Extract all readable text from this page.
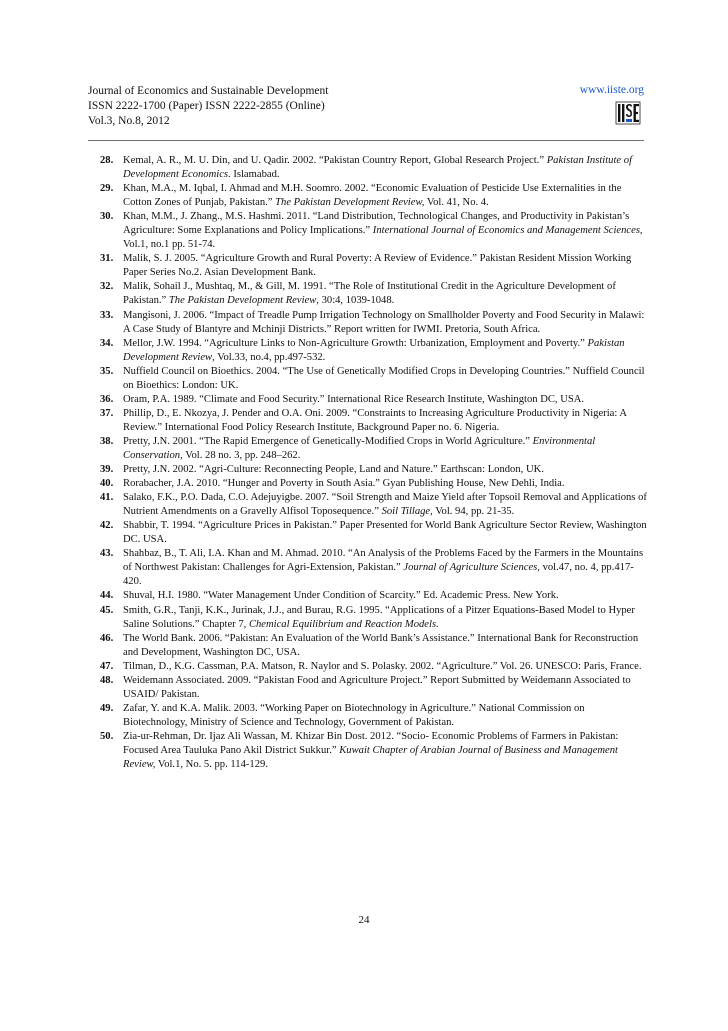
Journal of Economics and Sustainable Development
ISSN 2222-1700 (Paper) ISSN 2222-2855 (Online)
Vol.3, No.8, 2012
www.iiste.org
28. Kemal, A. R., M. U. Din, and U. Qadir. 2002. “Pakistan Country Report, Global Research Project.” Pakistan Institute of Development Economics. Islamabad.
29. Khan, M.A., M. Iqbal, I. Ahmad and M.H. Soomro. 2002. “Economic Evaluation of Pesticide Use Externalities in the Cotton Zones of Punjab, Pakistan.” The Pakistan Development Review, Vol. 41, No. 4.
30. Khan, M.M., J. Zhang., M.S. Hashmi. 2011. “Land Distribution, Technological Changes, and Productivity in Pakistan’s Agriculture: Some Explanations and Policy Implications.” International Journal of Economics and Management Sciences, Vol.1, no.1 pp. 51-74.
31. Malik, S. J. 2005. “Agriculture Growth and Rural Poverty: A Review of Evidence.” Pakistan Resident Mission Working Paper Series No.2. Asian Development Bank.
32. Malik, Sohail J., Mushtaq, M., & Gill, M. 1991. “The Role of Institutional Credit in the Agriculture Development of Pakistan.” The Pakistan Development Review, 30:4, 1039-1048.
33. Mangisoni, J. 2006. “Impact of Treadle Pump Irrigation Technology on Smallholder Poverty and Food Security in Malawi: A Case Study of Blantyre and Mchinji Districts.” Report written for IWMI. Pretoria, South Africa.
34. Mellor, J.W. 1994. “Agriculture Links to Non-Agriculture Growth: Urbanization, Employment and Poverty.” Pakistan Development Review, Vol.33, no.4, pp.497-532.
35. Nuffield Council on Bioethics. 2004. “The Use of Genetically Modified Crops in Developing Countries.” Nuffield Council on Bioethics: London: UK.
36. Oram, P.A. 1989. “Climate and Food Security.” International Rice Research Institute, Washington DC, USA.
37. Phillip, D., E. Nkozya, J. Pender and O.A. Oni. 2009. “Constraints to Increasing Agriculture Productivity in Nigeria: A Review.” International Food Policy Research Institute, Background Paper no. 6. Nigeria.
38. Pretty, J.N. 2001. “The Rapid Emergence of Genetically-Modified Crops in World Agriculture.” Environmental Conservation, Vol. 28 no. 3, pp. 248–262.
39. Pretty, J.N. 2002. “Agri-Culture: Reconnecting People, Land and Nature.” Earthscan: London, UK.
40. Rorabacher, J.A. 2010. “Hunger and Poverty in South Asia.” Gyan Publishing House, New Dehli, India.
41. Salako, F.K., P.O. Dada, C.O. Adejuyigbe. 2007. “Soil Strength and Maize Yield after Topsoil Removal and Applications of Nutrient Amendments on a Gravelly Alfisol Toposequence.” Soil Tillage, Vol. 94, pp. 21-35.
42. Shabbir, T. 1994. “Agriculture Prices in Pakistan.” Paper Presented for World Bank Agriculture Sector Review, Washington DC. USA.
43. Shahbaz, B., T. Ali, I.A. Khan and M. Ahmad. 2010. “An Analysis of the Problems Faced by the Farmers in the Mountains of Northwest Pakistan: Challenges for Agri-Extension, Pakistan.” Journal of Agriculture Sciences, vol.47, no. 4, pp.417-420.
44. Shuval, H.I. 1980. “Water Management Under Condition of Scarcity.” Ed. Academic Press. New York.
45. Smith, G.R., Tanji, K.K., Jurinak, J.J., and Burau, R.G. 1995. “Applications of a Pitzer Equations-Based Model to Hyper Saline Solutions.” Chapter 7, Chemical Equilibrium and Reaction Models.
46. The World Bank. 2006. “Pakistan: An Evaluation of the World Bank’s Assistance.” International Bank for Reconstruction and Development, Washington DC, USA.
47. Tilman, D., K.G. Cassman, P.A. Matson, R. Naylor and S. Polasky. 2002. “Agriculture.” Vol. 26. UNESCO: Paris, France.
48. Weidemann Associated. 2009. “Pakistan Food and Agriculture Project.” Report Submitted by Weidemann Associated to USAID/ Pakistan.
49. Zafar, Y. and K.A. Malik. 2003. “Working Paper on Biotechnology in Agriculture.” National Commission on Biotechnology, Ministry of Science and Technology, Government of Pakistan.
50. Zia-ur-Rehman, Dr. Ijaz Ali Wassan, M. Khizar Bin Dost. 2012. “Socio- Economic Problems of Farmers in Pakistan: Focused Area Tauluka Pano Akil District Sukkur.” Kuwait Chapter of Arabian Journal of Business and Management Review, Vol.1, No. 5. pp. 114-129.
24
